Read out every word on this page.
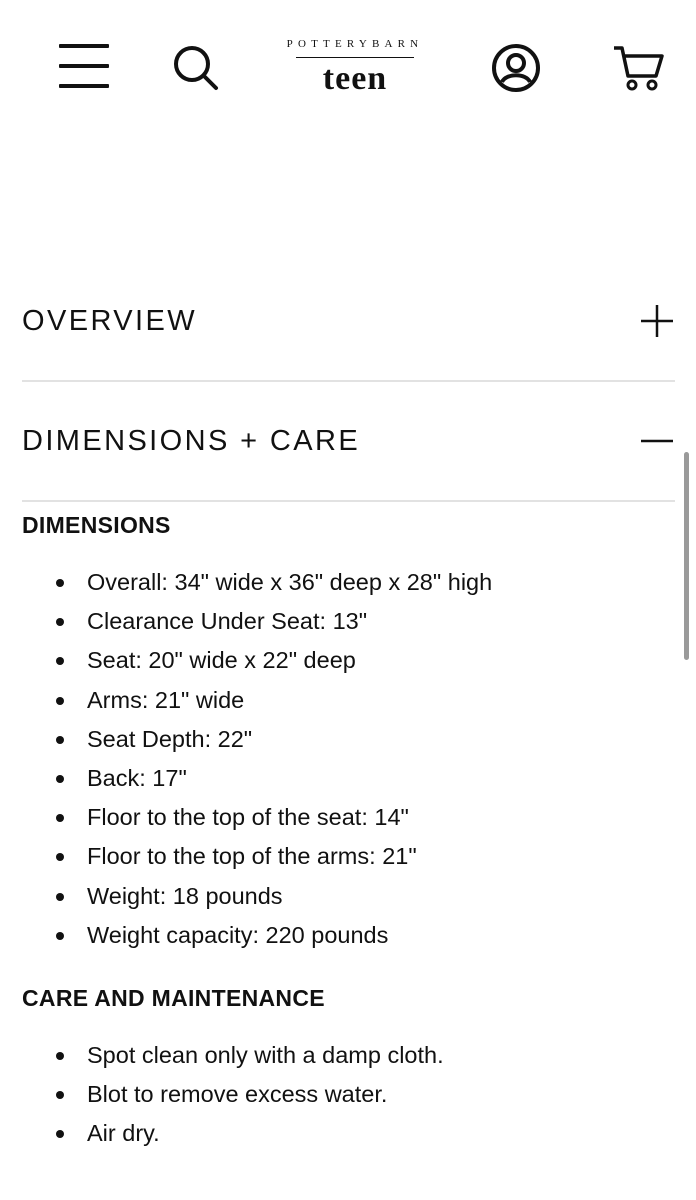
POTTERYBARN
teen
OVERVIEW
DIMENSIONS + CARE
DIMENSIONS
Overall: 34" wide x 36" deep x 28" high
Clearance Under Seat: 13"
Seat: 20" wide x 22" deep
Arms: 21" wide
Seat Depth: 22"
Back: 17"
Floor to the top of the seat: 14"
Floor to the top of the arms: 21"
Weight: 18 pounds
Weight capacity: 220 pounds
CARE AND MAINTENANCE
Spot clean only with a damp cloth.
Blot to remove excess water.
Air dry.
